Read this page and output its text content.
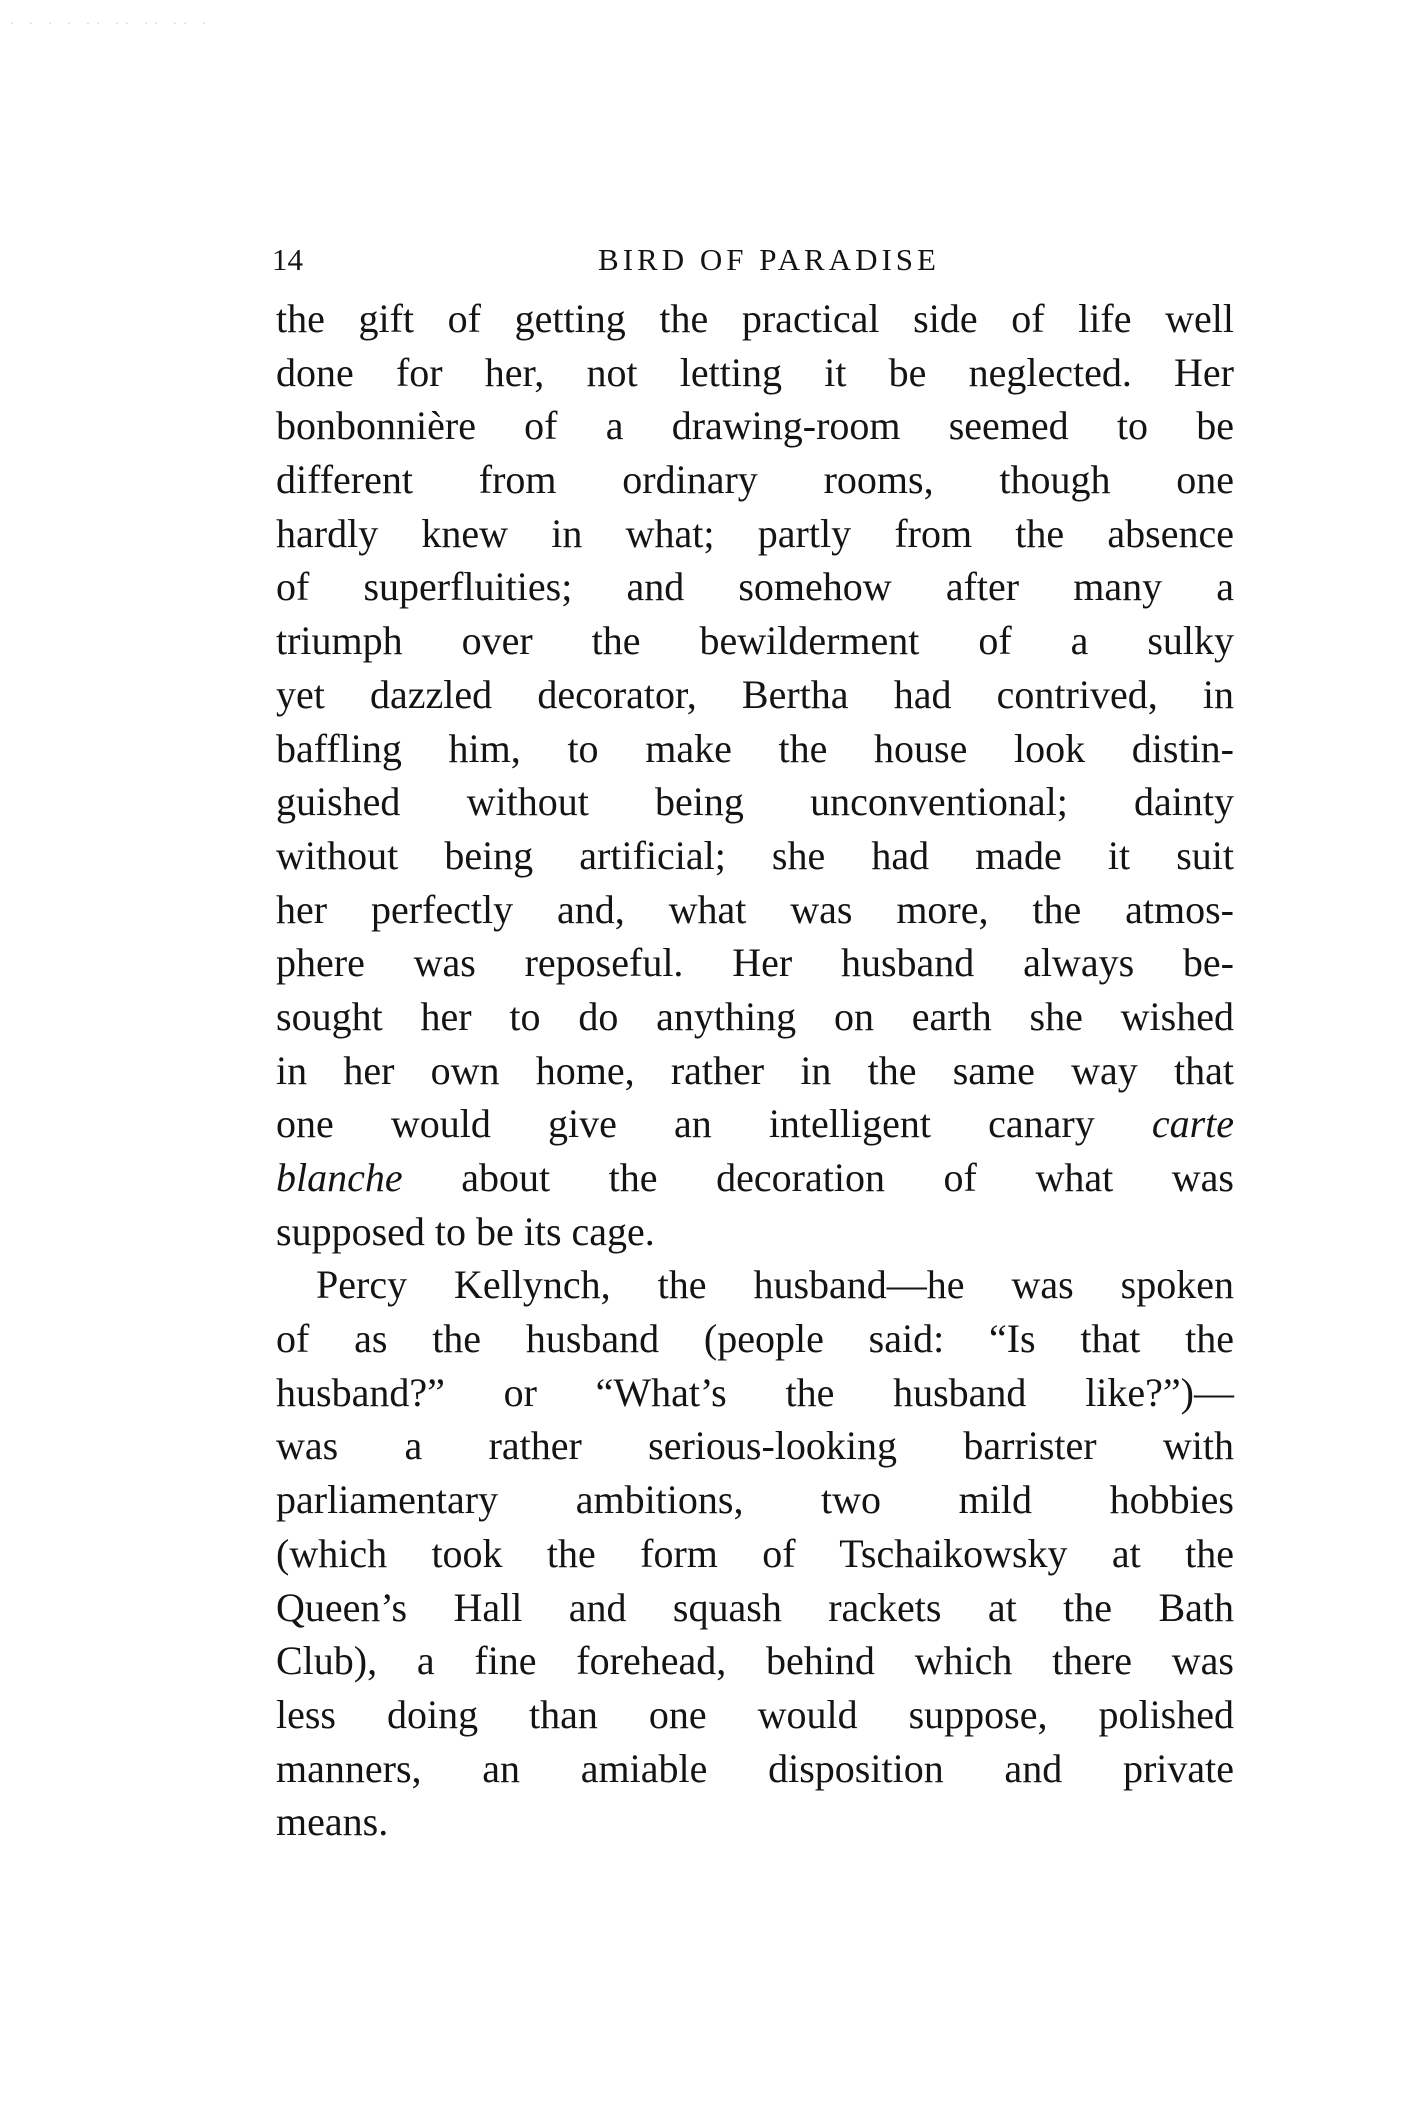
· · · · ·· ·· ·· ·· ·
14	BIRD OF PARADISE
the gift of getting the practical side of life well
done for her, not letting it be neglected. Her
bonbonnière of a drawing-room seemed to be
different from ordinary rooms, though one
hardly knew in what; partly from the absence
of superfluities; and somehow after many a
triumph over the bewilderment of a sulky
yet dazzled decorator, Bertha had contrived, in
baffling him, to make the house look distin-
guished without being unconventional; dainty
without being artificial; she had made it suit
her perfectly and, what was more, the atmos-
phere was reposeful. Her husband always be-
sought her to do anything on earth she wished
in her own home, rather in the same way that
one would give an intelligent canary carte
blanche about the decoration of what was
supposed to be its cage.
Percy Kellynch, the husband—he was spoken
of as the husband (people said: “Is that the
husband?” or “What’s the husband like?”)—
was a rather serious-looking barrister with
parliamentary ambitions, two mild hobbies
(which took the form of Tschaikowsky at the
Queen’s Hall and squash rackets at the Bath
Club), a fine forehead, behind which there was
less doing than one would suppose, polished
manners, an amiable disposition and private
means.
